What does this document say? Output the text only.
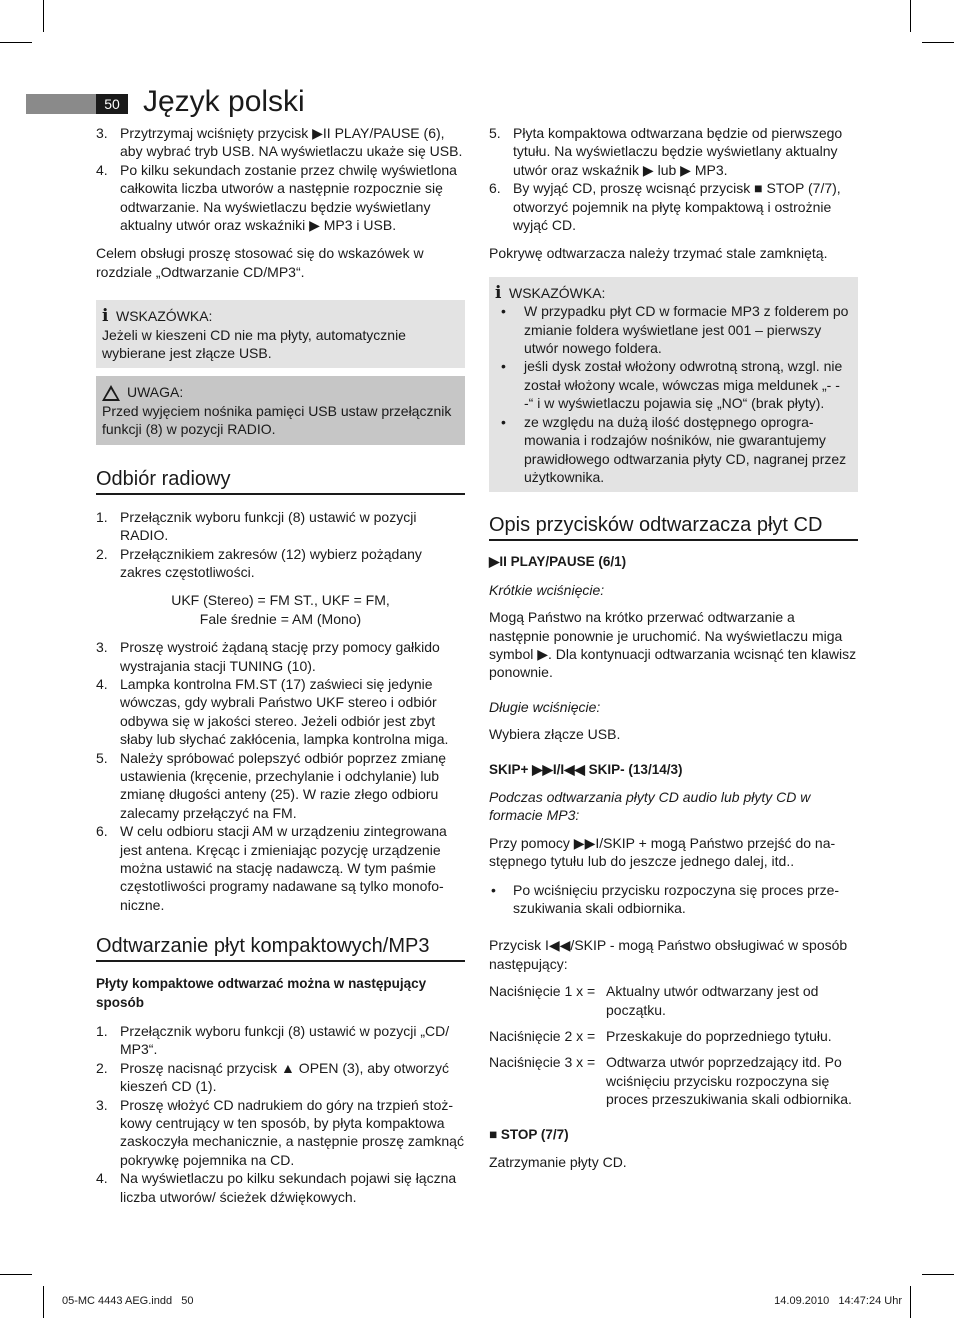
50 Język polski
3. Przytrzymaj wciśnięty przycisk ▶II PLAY/PAUSE (6), aby wybrać tryb USB. NA wyświetlaczu ukaże się USB.
4. Po kilku sekundach zostanie przez chwilę wyświetlona całkowita liczba utworów a następnie rozpocznie się odtwarzanie. Na wyświetlaczu będzie wyświetlany aktualny utwór oraz wskaźniki ▶ MP3 i USB.

Celem obsługi proszę stosować się do wskazówek w rozdziale „Odtwarzanie CD/MP3“.

i WSKAZÓWKA:

Jeżeli w kieszeni CD nie ma płyty, automatycznie wybierane jest złącze USB.

UWAGA:

Przed wyjęciem nośnika pamięci USB ustaw przełącznik funkcji (8) w pozycji RADIO.

Odbiór radiowy
1. Przełącznik wyboru funkcji (8) ustawić w pozycji RADIO.
2. Przełącznikiem zakresów (12) wybierz pożądany zakres częstotliwości.

UKF (Stereo) = FM ST., UKF = FM,

Fale średnie = AM (Mono)

3. Proszę wystroić żądaną stację przy pomocy gałkido wystrajania stacji TUNING (10).
4. Lampka kontrolna FM.ST (17) zaświeci się jedynie wówczas, gdy wybrali Państwo UKF stereo i odbiór odbywa się w jakości stereo. Jeżeli odbiór jest zbyt słaby lub słychać zakłócenia, lampka kontrolna miga.
5. Należy spróbować polepszyć odbiór poprzez zmianę ustawienia (kręcenie, przechylanie i odchylanie) lub zmianę długości anteny (25). W razie złego odbioru zalecamy przełączyć na FM.
6. W celu odbioru stacji AM w urządzeniu zintegrowana jest antena. Kręcąc i zmieniając pozycję urządzenie można ustawić na stację nadawczą. W tym paśmie częstotliwości programy nadawane są tylko monofoniczne.
Odtwarzanie płyt kompaktowych/MP3

Płyty kompaktowe odtwarzać można w następujący sposób

1. Przełącznik wyboru funkcji (8) ustawić w pozycji „CD/ MP3“.
2. Proszę nacisnąć przycisk ▲ OPEN (3), aby otworzyć kieszeń CD (1).
3. Proszę włożyć CD nadrukiem do góry na trzpień stożkowy centrujący w ten sposób, by płyta kompaktowa zaskoczyła mechanicznie, a następnie proszę zamknąć pokrywkę pojemnika na CD.
4. Na wyświetlaczu po kilku sekundach pojawi się łączna liczba utworów/ ścieżek dźwiękowych.
5. Płyta kompaktowa odtwarzana będzie od pierwszego tytułu. Na wyświetlaczu będzie wyświetlany aktualny utwór oraz wskaźnik ▶ lub ▶ MP3.
6. By wyjąć CD, proszę wcisnąć przycisk ■ STOP (7/7), otworzyć pojemnik na płytę kompaktową i ostrożnie wyjąć CD.

Pokrywę odtwarzacza należy trzymać stale zamkniętą.

i WSKAZÓWKA:
• W przypadku płyt CD w formacie MP3 z folderem po zmianie foldera wyświetlane jest 001 – pierwszy utwór nowego foldera.
• jeśli dysk został włożony odwrotną stroną, wzgl. nie został włożony wcale, wówczas miga meldunek „- - -“ i w wyświetlaczu pojawia się „NO“ (brak płyty).
• ze względu na dużą ilość dostępnego oprogramowania i rodzajów nośników, nie gwarantujemy prawidłowego odtwarzania płyty CD, nagranej przez użytkownika.
Opis przycisków odtwarzacza płyt CD

▶II PLAY/PAUSE (6/1)

Krótkie wciśnięcie:

Mogą Państwo na krótko przerwać odtwarzanie a następnie ponownie je uruchomić. Na wyświetlaczu miga symbol ▶. Dla kontynuacji odtwarzania wcisnąć ten klawisz ponownie.

Długie wciśnięcie:

Wybiera złącze USB.

SKIP+ ▶▶I/I◀◀ SKIP- (13/14/3)

Podczas odtwarzania płyty CD audio lub płyty CD w formacie MP3:

Przy pomocy ▶▶I/SKIP + mogą Państwo przejść do następnego tytułu lub do jeszcze jednego dalej, itd..

• Po wciśnięciu przycisku rozpoczyna się proces przeszukiwania skali odbiornika.

Przycisk I◀◀/SKIP - mogą Państwo obsługiwać w sposób następujący:

Naciśnięcie 1 x = Aktualny utwór odtwarzany jest od początku.
Naciśnięcie 2 x = Przeskakuje do poprzedniego tytułu.
Naciśnięcie 3 x = Odtwarza utwór poprzedzający itd. Po wciśnięciu przycisku rozpoczyna się proces przeszukiwania skali odbiornika.

■ STOP (7/7)

Zatrzymanie płyty CD.

05-MC 4443 AEG.indd   50	14.09.2010   14:47:24 Uhr
